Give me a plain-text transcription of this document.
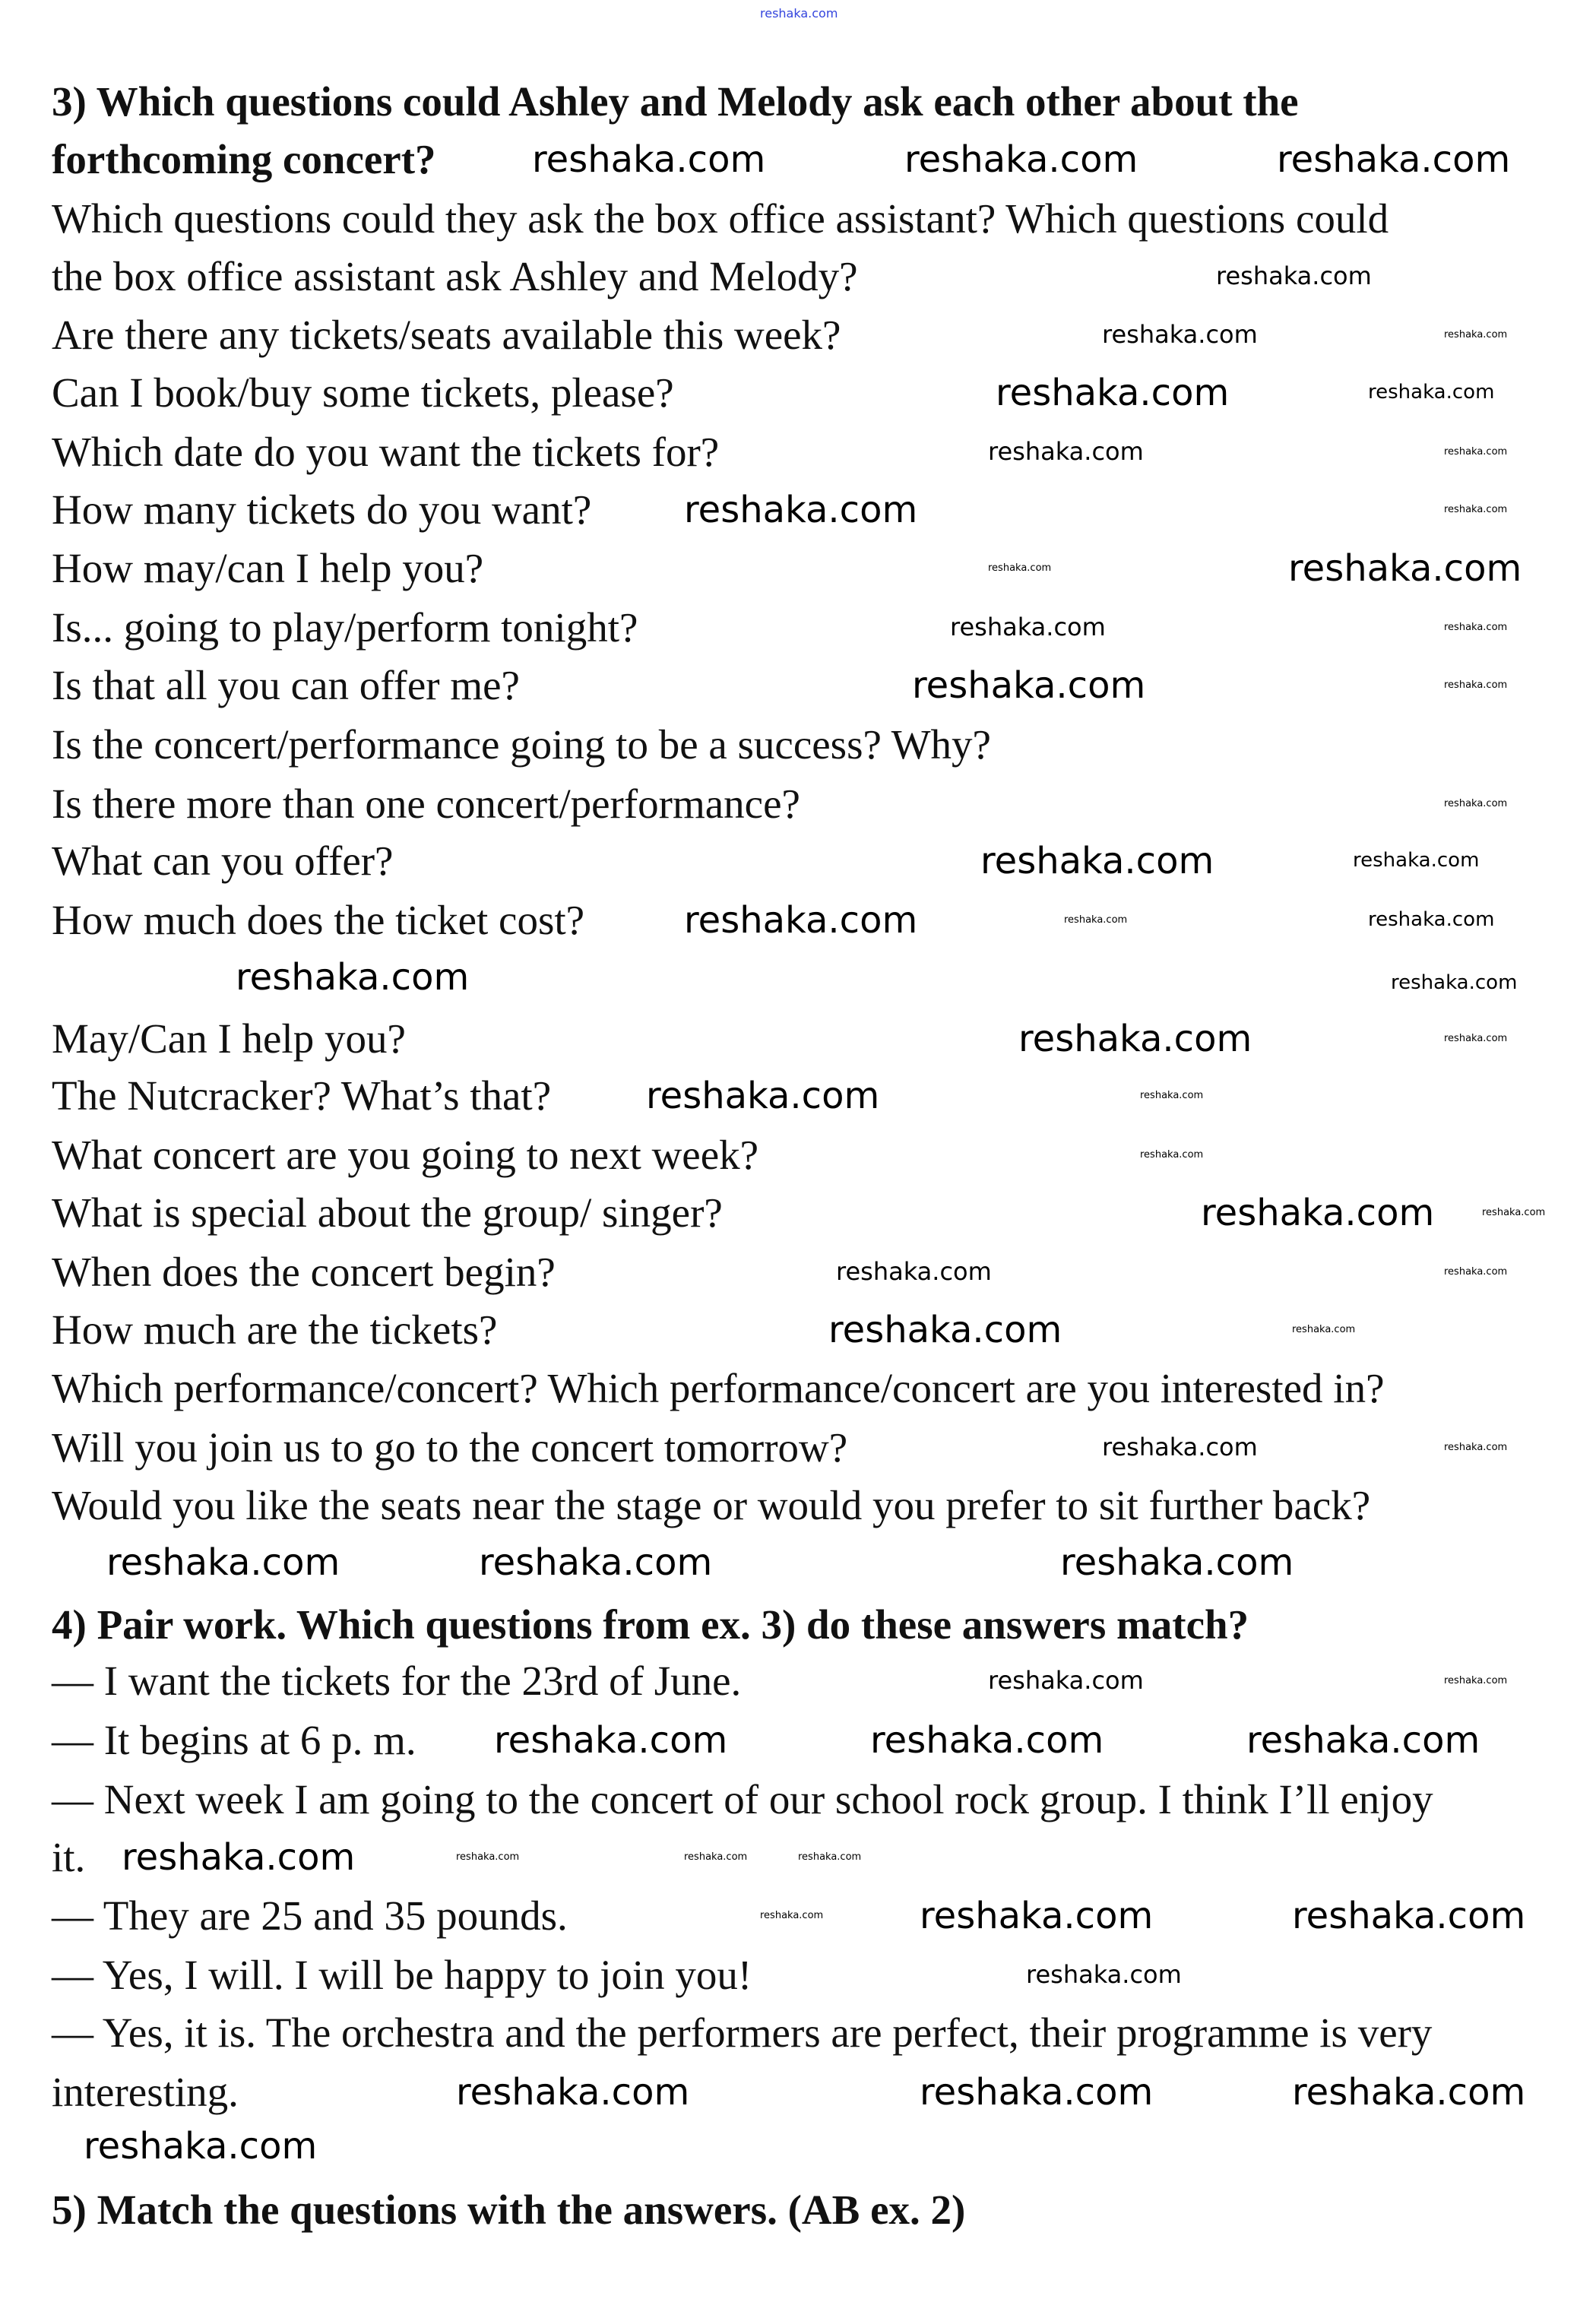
3) Which questions could Ashley and Melody ask each other about the
forthcoming concert?
Which questions could they ask the box office assistant? Which questions could
the box office assistant ask Ashley and Melody?
Are there any tickets/seats available this week?
Can I book/buy some tickets, please?
Which date do you want the tickets for?
How many tickets do you want?
How may/can I help you?
Is... going to play/perform tonight?
Is that all you can offer me?
Is the concert/performance going to be a success? Why?
Is there more than one concert/performance?
What can you offer?
How much does the ticket cost?
May/Can I help you?
The Nutcracker? What’s that?
What concert are you going to next week?
What is special about the group/ singer?
When does the concert begin?
How much are the tickets?
Which performance/concert? Which performance/concert are you interested in?
Will you join us to go to the concert tomorrow?
Would you like the seats near the stage or would you prefer to sit further back?
4) Pair work. Which questions from ex. 3) do these answers match?
— I want the tickets for the 23rd of June.
— It begins at 6 p. m.
— Next week I am going to the concert of our school rock group. I think I’ll enjoy
it.
— They are 25 and 35 pounds.
— Yes, I will. I will be happy to join you!
— Yes, it is. The orchestra and the performers are perfect, their programme is very
interesting.
5) Match the questions with the answers. (AB ex. 2)
reshaka.com
reshaka.com	reshaka.com	reshaka.com
reshaka.com
reshaka.com
reshaka.com
reshaka.com
reshaka.com
reshaka.com
reshaka.com
reshaka.com
reshaka.com
reshaka.com
reshaka.com
reshaka.com	reshaka.com	reshaka.com
reshaka.com	reshaka.com	reshaka.com
reshaka.com
reshaka.com	reshaka.com
reshaka.com	reshaka.com	reshaka.com
reshaka.com
reshaka.com
reshaka.com
reshaka.com
reshaka.com
reshaka.com
reshaka.com
reshaka.com
reshaka.com
reshaka.com
reshaka.com
reshaka.com
reshaka.com
reshaka.com
reshaka.com
reshaka.com
reshaka.com
reshaka.com
reshaka.com
reshaka.com
reshaka.com
reshaka.com
reshaka.com
reshaka.com
reshaka.com
reshaka.com
reshaka.com
reshaka.com
reshaka.com
reshaka.com
reshaka.com	reshaka.com	reshaka.com
